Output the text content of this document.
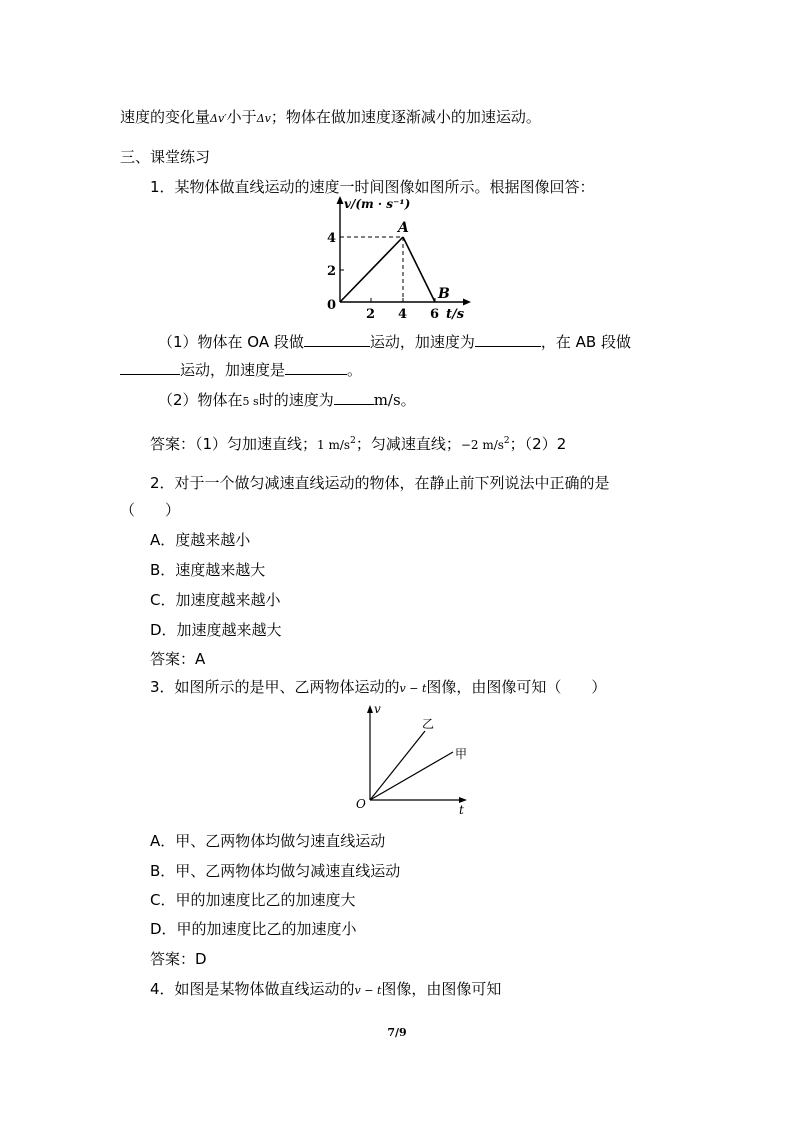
速度的变化量Δv′小于Δv；物体在做加速度逐渐减小的加速运动。
三、课堂练习
1．某物体做直线运动的速度一时间图像如图所示。根据图像回答：
v/(m · s⁻¹)
t/s
0
4
2
2 4 6
A
B
（1）物体在 OA 段做	运动，加速度为	，在 AB 段做
运动，加速度是	。
（2）物体在5 s时的速度为	m/s。
答案：（1）匀加速直线；1 $m/s^2$；匀减速直线；−2 $m/s^2$；（2）2
2．对于一个做匀减速直线运动的物体，在静止前下列说法中正确的是
（　　）
A．度越来越小
B．速度越来越大
C．加速度越来越小
D．加速度越来越大
答案：A
3．如图所示的是甲、乙两物体运动的v − t图像，由图像可知（　　）
v
t
O
乙
甲
A．甲、乙两物体均做匀速直线运动
B．甲、乙两物体均做匀减速直线运动
C．甲的加速度比乙的加速度大
D．甲的加速度比乙的加速度小
答案：D
4．如图是某物体做直线运动的v − t图像，由图像可知
7/9
